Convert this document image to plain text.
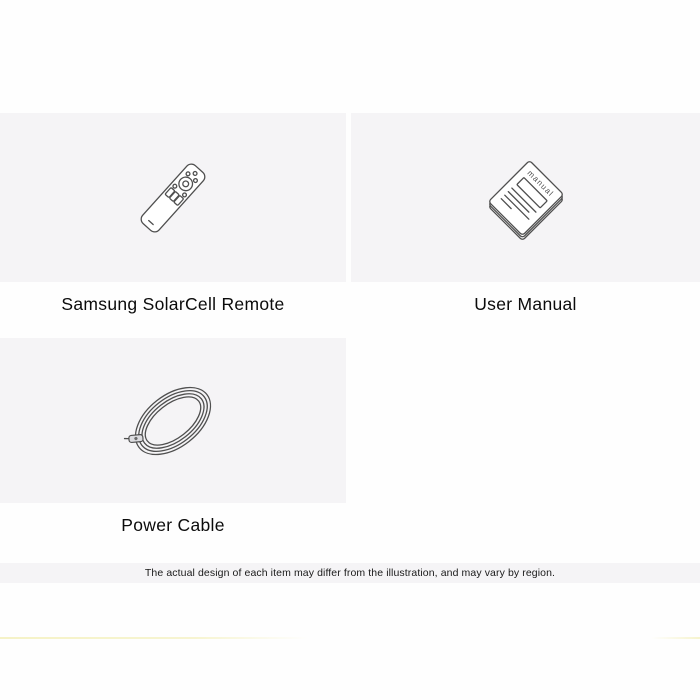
Samsung SolarCell Remote
manual
User Manual
Power Cable
The actual design of each item may differ from the illustration, and may vary by region.
